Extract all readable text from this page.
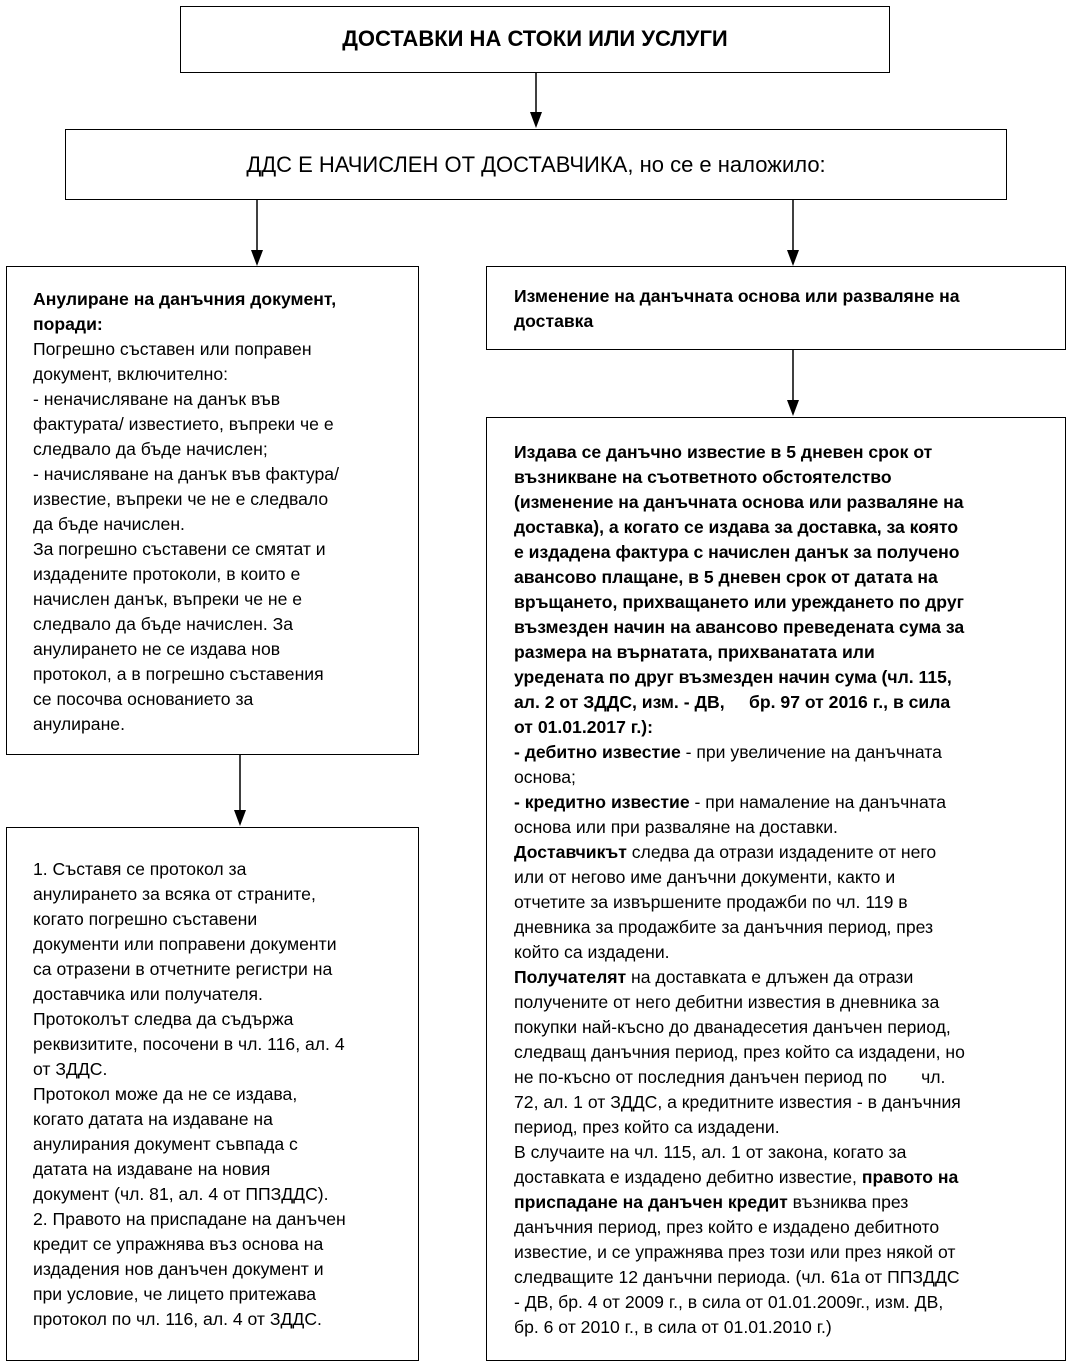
ДОСТАВКИ НА СТОКИ ИЛИ УСЛУГИ
ДДС Е НАЧИСЛЕН ОТ ДОСТАВЧИКА, но се е наложило:
Анулиране на данъчния документ,
поради:
Погрешно съставен или поправен
документ, включително:
- неначисляване на данък във
фактурата/ известието, въпреки че е
следвало да бъде начислен;
- начисляване на данък във фактура/
известие, въпреки че не е следвало
да бъде начислен.
За погрешно съставени се смятат и
издадените протоколи, в които е
начислен данък, въпреки че не е
следвало да бъде начислен. За
анулирането не се издава нов
протокол, а в погрешно съставения
се посочва основанието за
анулиране.
1. Съставя се протокол за
анулирането за всяка от страните,
когато погрешно съставени
документи или поправени документи
са отразени в отчетните регистри на
доставчика или получателя.
Протоколът следва да съдържа
реквизитите, посочени в чл. 116, ал. 4
от ЗДДС.
Протокол може да не се издава,
когато датата на издаване на
анулирания документ съвпада с
датата на издаване на новия
документ (чл. 81, ал. 4 от ППЗДДС).
2. Правото на приспадане на данъчен
кредит се упражнява въз основа на
издадения нов данъчен документ и
при условие, че лицето притежава
протокол по чл. 116, ал. 4 от ЗДДС.
Изменение на данъчната основа или разваляне на
доставка
Издава се данъчно известие в 5 дневен срок от
възникване на съответното обстоятелство
(изменение на данъчната основа или разваляне на
доставка), а когато се издава за доставка, за която
е издадена фактура с начислен данък за получено
авансово плащане, в 5 дневен срок от датата на
връщането, прихващането или уреждането по друг
възмезден начин на авансово преведената сума за
размера на върнатата, прихванатата или
уредената по друг възмезден начин сума (чл. 115,
ал. 2 от ЗДДС, изм. - ДВ,     бр. 97 от 2016 г., в сила
от 01.01.2017 г.):
- дебитно известие - при увеличение на данъчната
основа;
- кредитно известие - при намаление на данъчната
основа или при разваляне на доставки.
Доставчикът следва да отрази издадените от него
или от негово име данъчни документи, както и
отчетите за извършените продажби по чл. 119 в
дневника за продажбите за данъчния период, през
който са издадени.
Получателят на доставката е длъжен да отрази
получените от него дебитни известия в дневника за
покупки най-късно до дванадесетия данъчен период,
следващ данъчния период, през който са издадени, но
не по-късно от последния данъчен период по       чл.
72, ал. 1 от ЗДДС, а кредитните известия - в данъчния
период, през който са издадени.
В случаите на чл. 115, ал. 1 от закона, когато за
доставката е издадено дебитно известие, правото на
приспадане на данъчен кредит възниква през
данъчния период, през който е издадено дебитното
известие, и се упражнява през този или през някой от
следващите 12 данъчни периода. (чл. 61а от ППЗДДС
- ДВ, бр. 4 от 2009 г., в сила от 01.01.2009г., изм. ДВ,
бр. 6 от 2010 г., в сила от 01.01.2010 г.)
